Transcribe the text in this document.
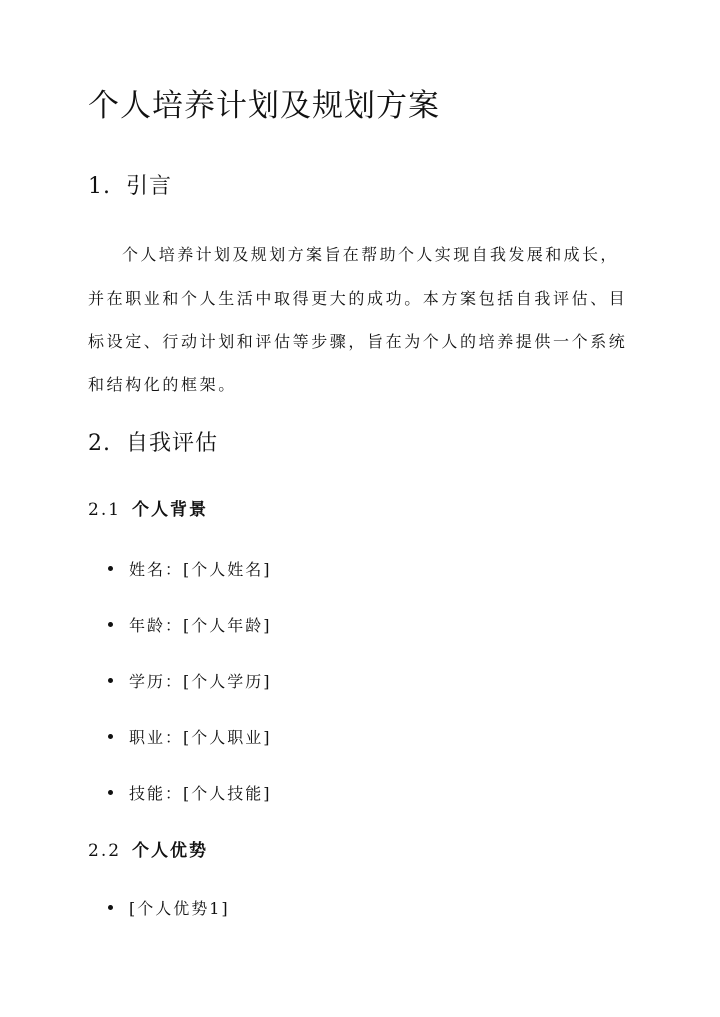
个人培养计划及规划方案
1. 引言
个人培养计划及规划方案旨在帮助个人实现自我发展和成长，
并在职业和个人生活中取得更大的成功。本方案包括自我评估、目
标设定、行动计划和评估等步骤，旨在为个人的培养提供一个系统
和结构化的框架。
2. 自我评估
2.1 个人背景
姓名：[个人姓名]
年龄：[个人年龄]
学历：[个人学历]
职业：[个人职业]
技能：[个人技能]
2.2 个人优势
[个人优势1]
